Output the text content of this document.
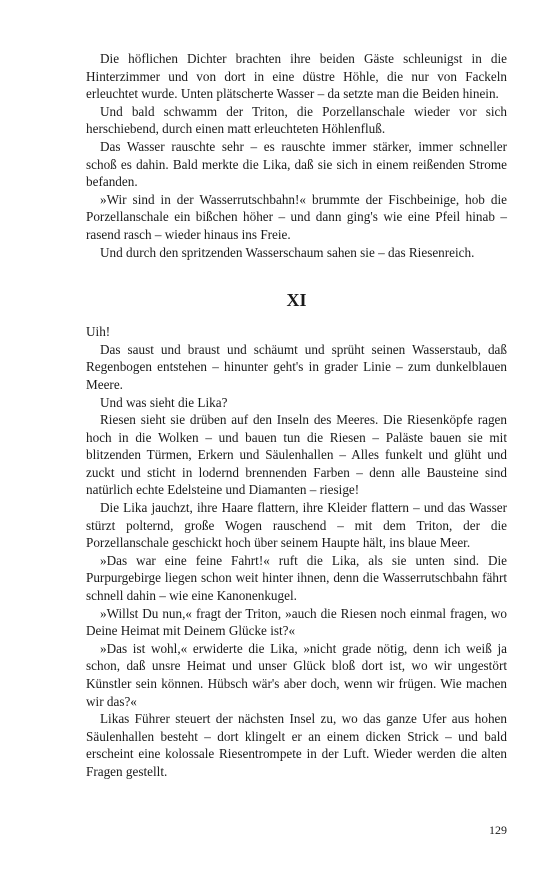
Die höflichen Dichter brachten ihre beiden Gäste schleunigst in die Hinterzimmer und von dort in eine düstre Höhle, die nur von Fackeln erleuchtet wurde. Unten plätscherte Wasser – da setzte man die Beiden hinein.

Und bald schwamm der Triton, die Porzellanschale wieder vor sich herschiebend, durch einen matt erleuchteten Höhlenfluß.

Das Wasser rauschte sehr – es rauschte immer stärker, immer schneller schoß es dahin. Bald merkte die Lika, daß sie sich in einem reißenden Strome befanden.

»Wir sind in der Wasserrutschbahn!« brummte der Fischbeinige, hob die Porzellanschale ein bißchen höher – und dann ging's wie eine Pfeil hinab – rasend rasch – wieder hinaus ins Freie.

Und durch den spritzenden Wasserschaum sahen sie – das Riesenreich.

XI

Uih!

Das saust und braust und schäumt und sprüht seinen Wasserstaub, daß Regenbogen entstehen – hinunter geht's in grader Linie – zum dunkelblauen Meere.

Und was sieht die Lika?

Riesen sieht sie drüben auf den Inseln des Meeres. Die Riesenköpfe ragen hoch in die Wolken – und bauen tun die Riesen – Paläste bauen sie mit blitzenden Türmen, Erkern und Säulenhallen – Alles funkelt und glüht und zuckt und sticht in lodernd brennenden Farben – denn alle Bausteine sind natürlich echte Edelsteine und Diamanten – riesige!

Die Lika jauchzt, ihre Haare flattern, ihre Kleider flattern – und das Wasser stürzt polternd, große Wogen rauschend – mit dem Triton, der die Porzellanschale geschickt hoch über seinem Haupte hält, ins blaue Meer.

»Das war eine feine Fahrt!« ruft die Lika, als sie unten sind. Die Purpurgebirge liegen schon weit hinter ihnen, denn die Wasserrutschbahn fährt schnell dahin – wie eine Kanonenkugel.

»Willst Du nun,« fragt der Triton, »auch die Riesen noch einmal fragen, wo Deine Heimat mit Deinem Glücke ist?«

»Das ist wohl,« erwiderte die Lika, »nicht grade nötig, denn ich weiß ja schon, daß unsre Heimat und unser Glück bloß dort ist, wo wir ungestört Künstler sein können. Hübsch wär's aber doch, wenn wir frügen. Wie machen wir das?«

Likas Führer steuert der nächsten Insel zu, wo das ganze Ufer aus hohen Säulenhallen besteht – dort klingelt er an einem dicken Strick – und bald erscheint eine kolossale Riesentrompete in der Luft. Wieder werden die alten Fragen gestellt.

129
